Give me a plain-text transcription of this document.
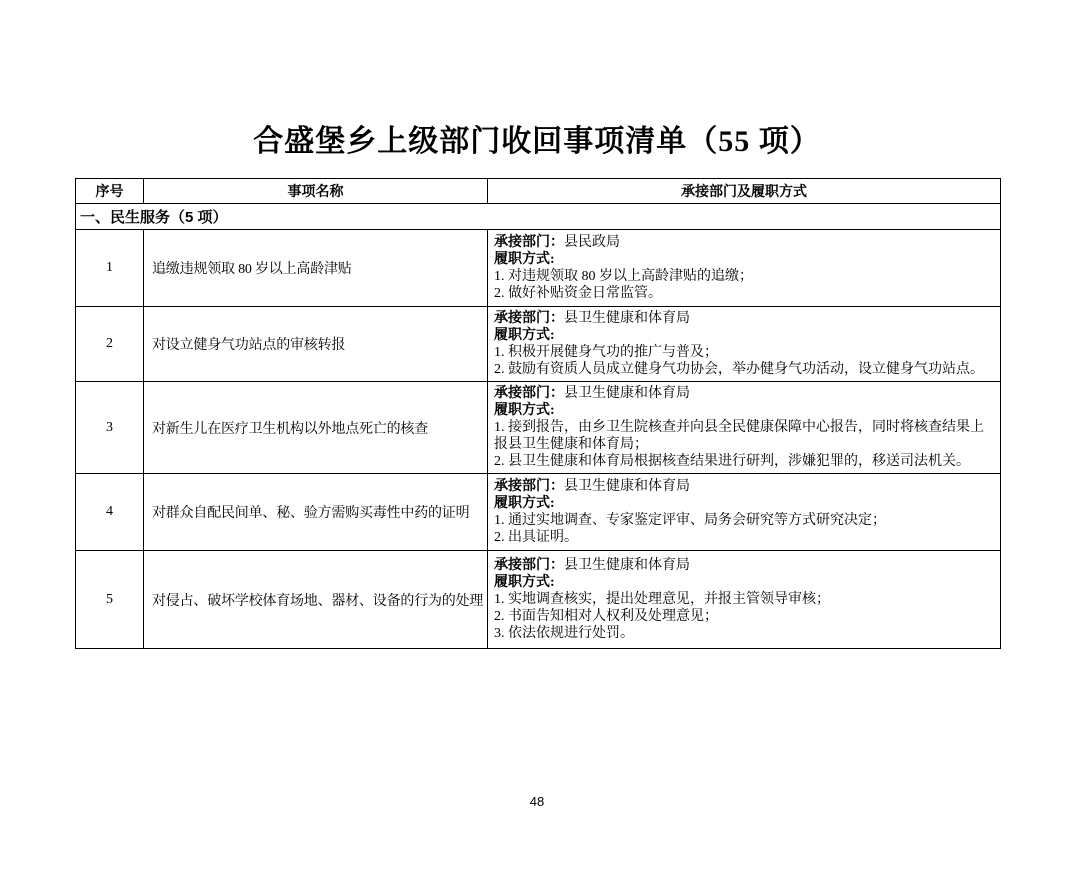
合盛堡乡上级部门收回事项清单（55 项）
序号	事项名称	承接部门及履职方式
一、民生服务（5 项）		
1	追缴违规领取 80 岁以上高龄津贴	承接部门：县民政局
履职方式:
1. 对违规领取 80 岁以上高龄津贴的追缴；
2. 做好补贴资金日常监管。

2	对设立健身气功站点的审核转报	承接部门：县卫生健康和体育局
履职方式:
1. 积极开展健身气功的推广与普及；
2. 鼓励有资质人员成立健身气功协会，举办健身气功活动，设立健身气功站点。

3	对新生儿在医疗卫生机构以外地点死亡的核查	承接部门：县卫生健康和体育局
履职方式:
1. 接到报告，由乡卫生院核查并向县全民健康保障中心报告，同时将核查结果上报县卫生健康和体育局；
2. 县卫生健康和体育局根据核查结果进行研判，涉嫌犯罪的，移送司法机关。

4	对群众自配民间单、秘、验方需购买毒性中药的证明	承接部门：县卫生健康和体育局
履职方式:
1. 通过实地调查、专家鉴定评审、局务会研究等方式研究决定；
2. 出具证明。

5	对侵占、破坏学校体育场地、器材、设备的行为的处理	承接部门：县卫生健康和体育局
履职方式:
1. 实地调查核实，提出处理意见，并报主管领导审核；
2. 书面告知相对人权利及处理意见；
3. 依法依规进行处罚。
48
